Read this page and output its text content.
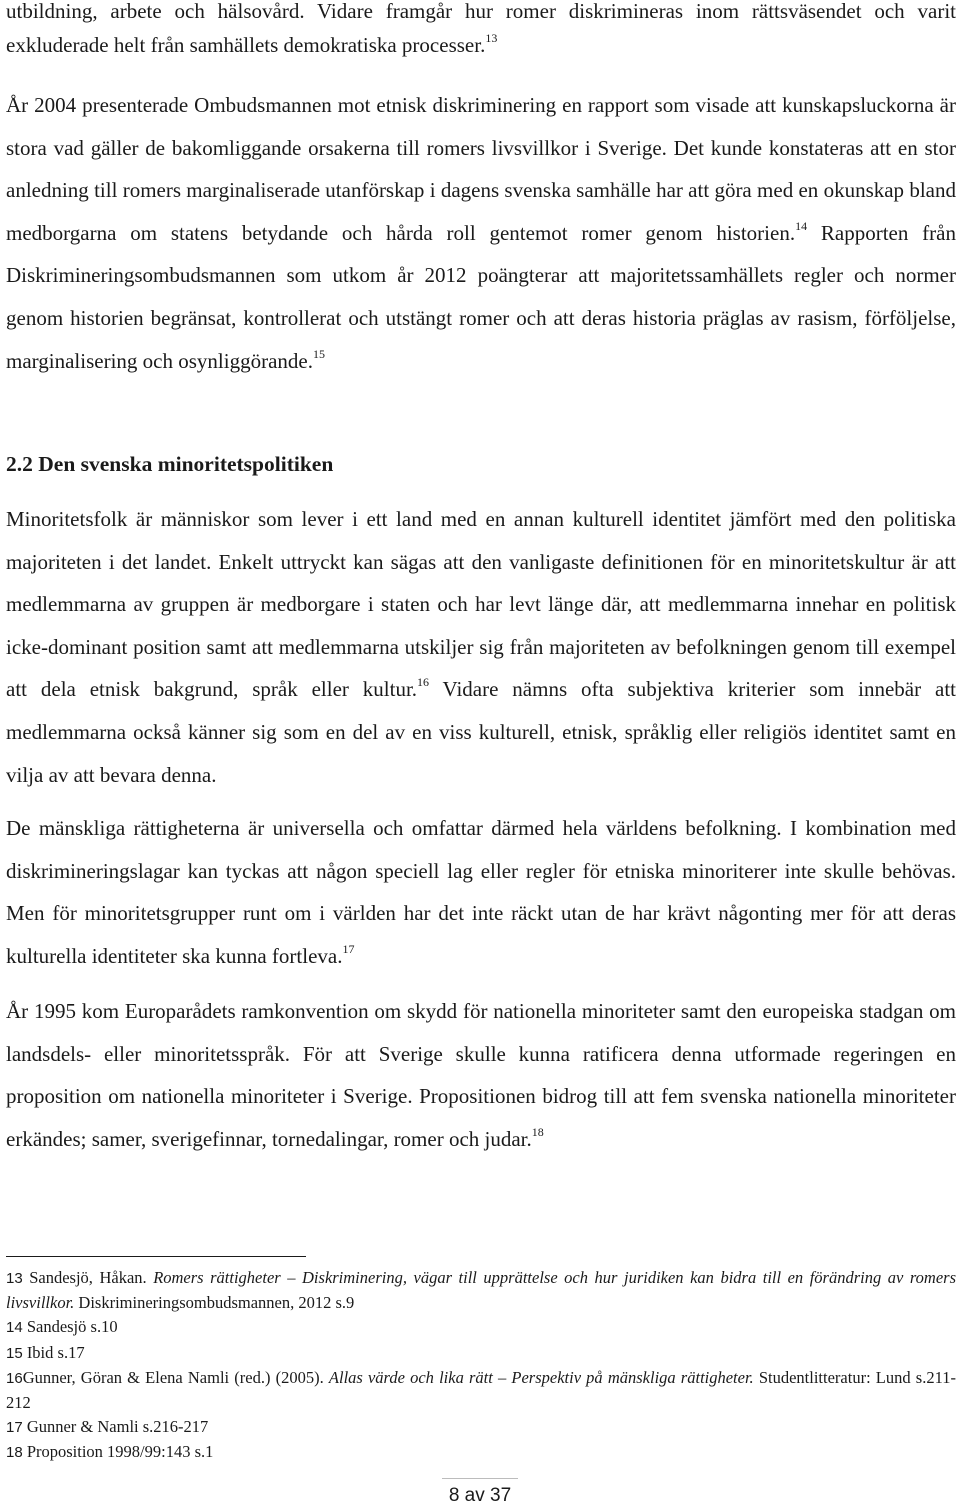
utbildning, arbete och hälsovård. Vidare framgår hur romer diskrimineras inom rättsväsendet och varit exkluderade helt från samhällets demokratiska processer.$^{13}$

År 2004 presenterade Ombudsmannen mot etnisk diskriminering en rapport som visade att kunskapsluckorna är stora vad gäller de bakomliggande orsakerna till romers livsvillkor i Sverige. Det kunde konstateras att en stor anledning till romers marginaliserade utanförskap i dagens svenska samhälle har att göra med en okunskap bland medborgarna om statens betydande och hårda roll gentemot romer genom historien.$^{14}$ Rapporten från Diskrimineringsombudsmannen som utkom år 2012 poängterar att majoritetssamhällets regler och normer genom historien begränsat, kontrollerat och utstängt romer och att deras historia präglas av rasism, förföljelse, marginalisering och osynliggörande.$^{15}$

2.2 Den svenska minoritetspolitiken

Minoritetsfolk är människor som lever i ett land med en annan kulturell identitet jämfört med den politiska majoriteten i det landet. Enkelt uttryckt kan sägas att den vanligaste definitionen för en minoritetskultur är att medlemmarna av gruppen är medborgare i staten och har levt länge där, att medlemmarna innehar en politisk icke-dominant position samt att medlemmarna utskiljer sig från majoriteten av befolkningen genom till exempel att dela etnisk bakgrund, språk eller kultur.$^{16}$ Vidare nämns ofta subjektiva kriterier som innebär att medlemmarna också känner sig som en del av en viss kulturell, etnisk, språklig eller religiös identitet samt en vilja av att bevara denna.

De mänskliga rättigheterna är universella och omfattar därmed hela världens befolkning. I kombination med diskrimineringslagar kan tyckas att någon speciell lag eller regler för etniska minoriterer inte skulle behövas. Men för minoritetsgrupper runt om i världen har det inte räckt utan de har krävt någonting mer för att deras kulturella identiteter ska kunna fortleva.$^{17}$

År 1995 kom Europarådets ramkonvention om skydd för nationella minoriteter samt den europeiska stadgan om landsdels- eller minoritetsspråk. För att Sverige skulle kunna ratificera denna utformade regeringen en proposition om nationella minoriteter i Sverige. Propositionen bidrog till att fem svenska nationella minoriteter erkändes; samer, sverigefinnar, tornedalingar, romer och judar.$^{18}$

13 Sandesjö, Håkan. Romers rättigheter – Diskriminering, vägar till upprättelse och hur juridiken kan bidra till en förändring av romers livsvillkor. Diskrimineringsombudsmannen, 2012 s.9

14 Sandesjö s.10

15 Ibid s.17

16Gunner, Göran & Elena Namli (red.) (2005). Allas värde och lika rätt – Perspektiv på mänskliga rättigheter. Studentlitteratur: Lund s.211-212

17 Gunner & Namli s.216-217

18 Proposition 1998/99:143 s.1

8 av 37
